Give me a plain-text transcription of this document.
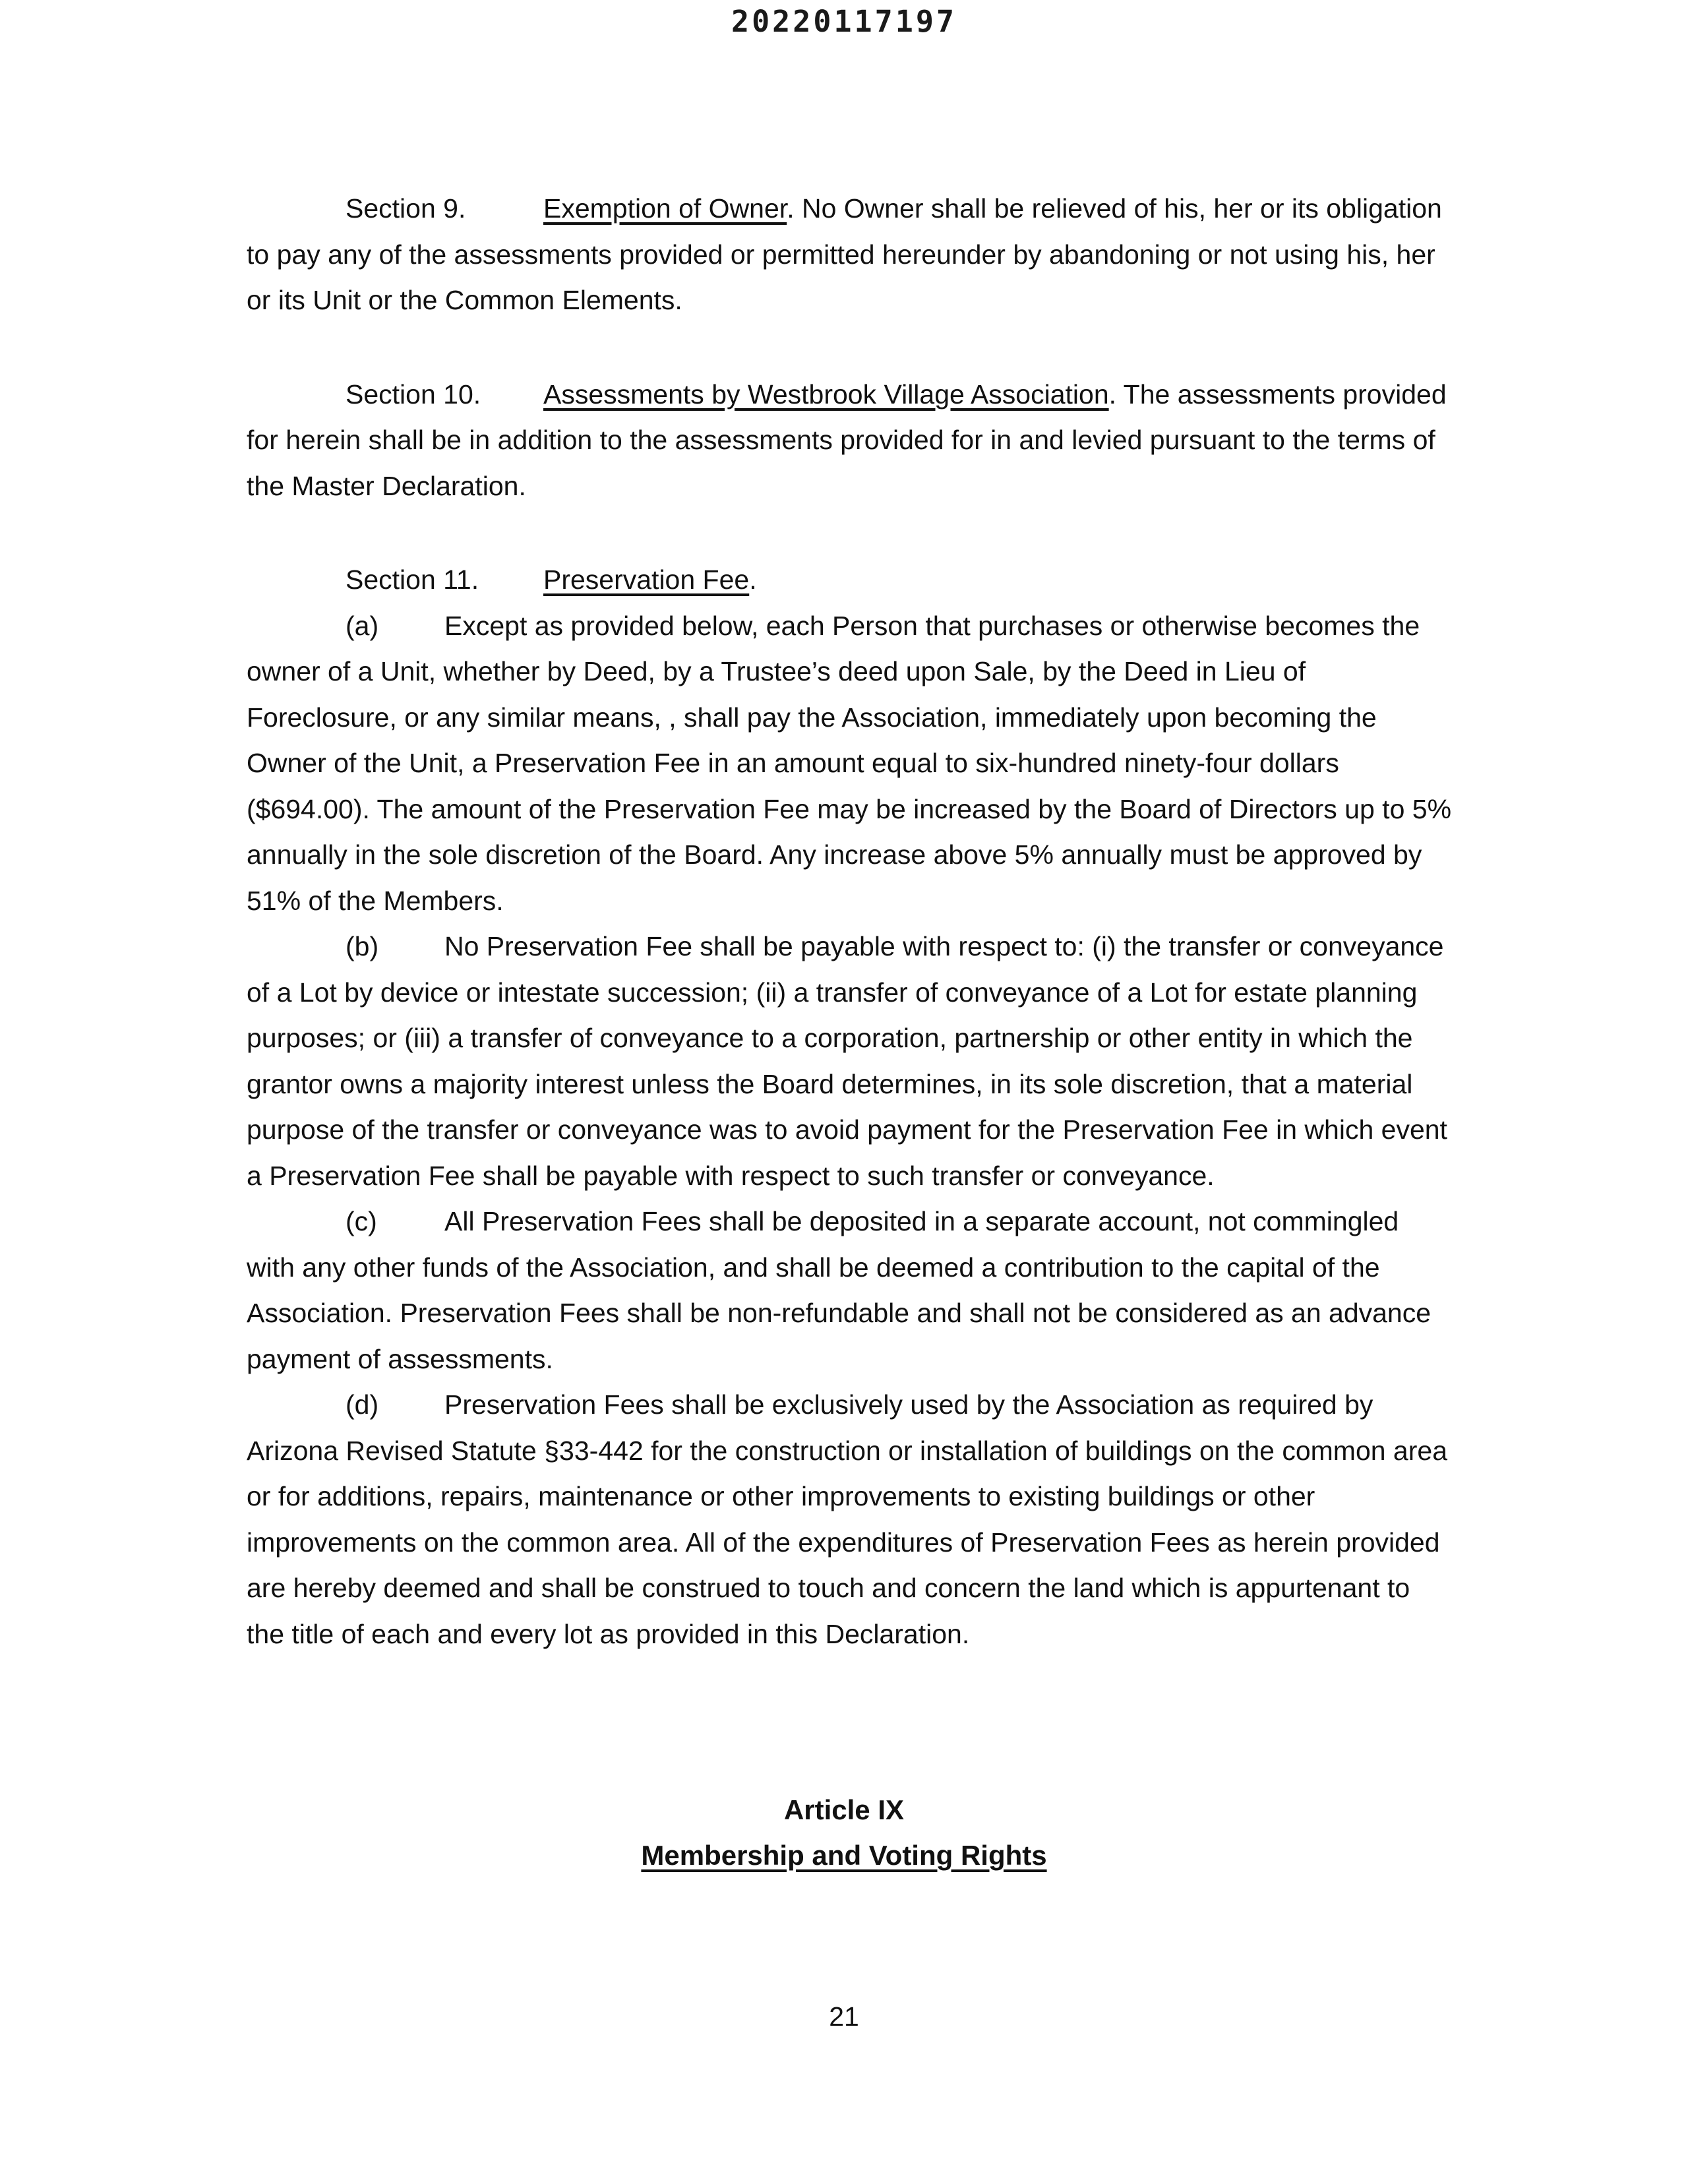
20220117197

Section 9.	Exemption of Owner. No Owner shall be relieved of his, her or its obligation to pay any of the assessments provided or permitted hereunder by abandoning or not using his, her or its Unit or the Common Elements.

Section 10. Assessments by Westbrook Village Association. The assessments provided for herein shall be in addition to the assessments provided for in and levied pursuant to the terms of the Master Declaration.

Section 11. Preservation Fee.

(a) Except as provided below, each Person that purchases or otherwise becomes the owner of a Unit, whether by Deed, by a Trustee’s deed upon Sale, by the Deed in Lieu of Foreclosure, or any similar means, , shall pay the Association, immediately upon becoming the Owner of the Unit, a Preservation Fee in an amount equal to six-hundred ninety-four dollars ($694.00). The amount of the Preservation Fee may be increased by the Board of Directors up to 5% annually in the sole discretion of the Board. Any increase above 5% annually must be approved by 51% of the Members.

(b) No Preservation Fee shall be payable with respect to: (i) the transfer or conveyance of a Lot by device or intestate succession; (ii) a transfer of conveyance of a Lot for estate planning purposes; or (iii) a transfer of conveyance to a corporation, partnership or other entity in which the grantor owns a majority interest unless the Board determines, in its sole discretion, that a material purpose of the transfer or conveyance was to avoid payment for the Preservation Fee in which event a Preservation Fee shall be payable with respect to such transfer or conveyance.

(c) All Preservation Fees shall be deposited in a separate account, not commingled with any other funds of the Association, and shall be deemed a contribution to the capital of the Association. Preservation Fees shall be non-refundable and shall not be considered as an advance payment of assessments.

(d) Preservation Fees shall be exclusively used by the Association as required by Arizona Revised Statute §33-442 for the construction or installation of buildings on the common area or for additions, repairs, maintenance or other improvements to existing buildings or other improvements on the common area. All of the expenditures of Preservation Fees as herein provided are hereby deemed and shall be construed to touch and concern the land which is appurtenant to the title of each and every lot as provided in this Declaration.

Article IX
Membership and Voting Rights
21
